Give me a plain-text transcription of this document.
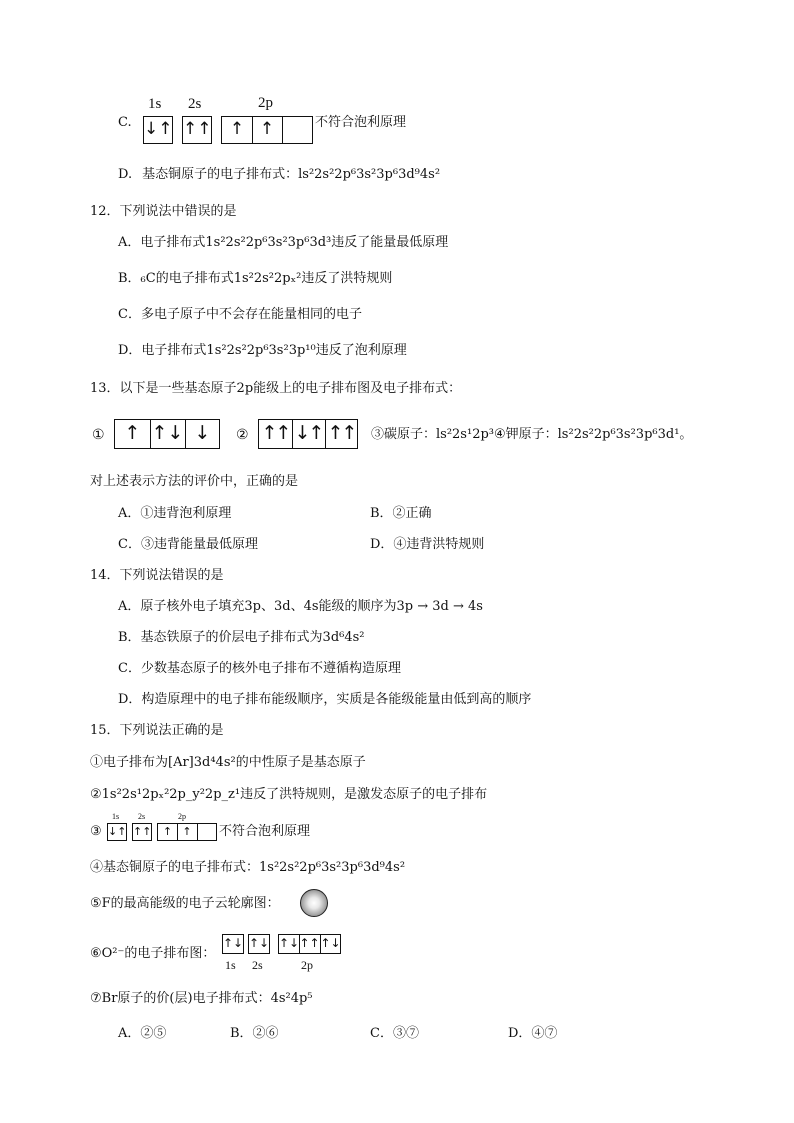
C.
1s 2s	2p
↓↑ ↑↑	↑ ↑	不符合泡利原理
D. 基态铜原子的电子排布式：ls²2s²2p⁶3s²3p⁶3d⁹4s²
12．下列说法中错误的是
A．电子排布式1s²2s²2p⁶3s²3p⁶3d³违反了能量最低原理
B．₆C的电子排布式1s²2s²2pₓ²违反了洪特规则
C．多电子原子中不会存在能量相同的电子
D．电子排布式1s²2s²2p⁶3s²3p¹⁰违反了泡利原理
13．以下是一些基态原子2p能级上的电子排布图及电子排布式：
①	↑ ↑↓ ↓	② ↑↑ ↓↑ ↑↑ ③碳原子：ls²2s¹2p³④钾原子：ls²2s²2p⁶3s²3p⁶3d¹。
对上述表示方法的评价中，正确的是
A．①违背泡利原理	B．②正确
C．③违背能量最低原理	D．④违背洪特规则
14．下列说法错误的是
A．原子核外电子填充3p、3d、4s能级的顺序为3p → 3d → 4s
B．基态铁原子的价层电子排布式为3d⁶4s²
C．少数基态原子的核外电子排布不遵循构造原理
D．构造原理中的电子排布能级顺序，实质是各能级能量由低到高的顺序
15．下列说法正确的是
①电子排布为[Ar]3d⁴4s²的中性原子是基态原子
②1s²2s¹2pₓ²2p_y²2p_z¹违反了洪特规则，是激发态原子的电子排布
③
1s 2s	2p
↓↑ ↑↑	↑ ↑	不符合泡利原理
④基态铜原子的电子排布式：1s²2s²2p⁶3s²3p⁶3d⁹4s²
⑤F的最高能级的电子云轮廓图：
⑥O²⁻的电子排布图：
↑↓ ↑↓ ↑↓ ↑↑ ↑↓
1s 2s	2p
⑦Br原子的价(层)电子排布式：4s²4p⁵
A．②⑤	B．②⑥	C．③⑦	D．④⑦
